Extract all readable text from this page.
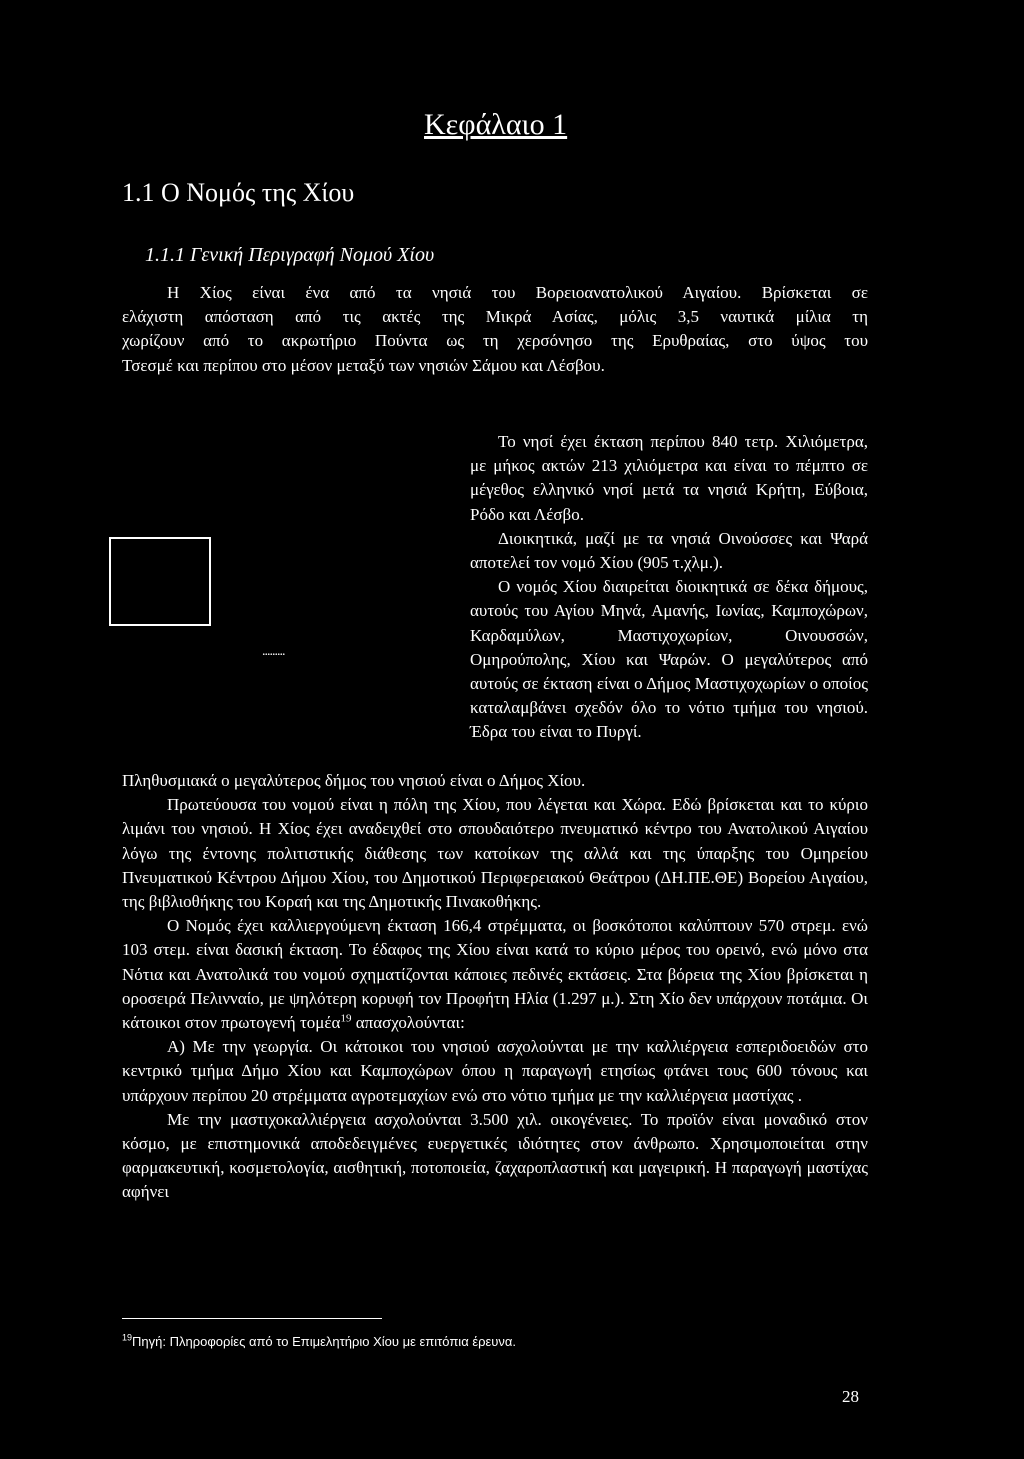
Κεφάλαιο 1
1.1 Ο Νομός της Χίου
1.1.1 Γενική Περιγραφή Νομού Χίου

Η Χίος είναι ένα από τα νησιά του Βορειοανατολικού Αιγαίου. Βρίσκεται σε

ελάχιστη απόσταση από τις ακτές της Μικρά Ασίας, μόλις 3,5 ναυτικά μίλια τη

χωρίζουν από το ακρωτήριο Πούντα ως τη χερσόνησο της Ερυθραίας, στο ύψος του

Τσεσμέ και περίπου στο μέσον μεταξύ των νησιών Σάμου και Λέσβου.

.........

Το νησί έχει έκταση περίπου 840 τετρ. Χιλιόμετρα, με μήκος ακτών 213 χιλιόμετρα και είναι το πέμπτο σε μέγεθος ελληνικό νησί μετά τα νησιά Κρήτη, Εύβοια, Ρόδο και Λέσβο.

Διοικητικά, μαζί με τα νησιά Οινούσσες και Ψαρά αποτελεί τον νομό Χίου (905 τ.χλμ.).

Ο νομός Χίου διαιρείται διοικητικά σε δέκα δήμους, αυτούς του Αγίου Μηνά, Αμανής, Ιωνίας, Καμποχώρων, Καρδαμύλων, Μαστιχοχωρίων, Οινουσσών, Ομηρούπολης, Χίου και Ψαρών. Ο μεγαλύτερος από αυτούς σε έκταση είναι ο Δήμος Μαστιχοχωρίων ο οποίος καταλαμβάνει σχεδόν όλο το νότιο τμήμα του νησιού. Έδρα του είναι το Πυργί.

Πληθυσμιακά ο μεγαλύτερος δήμος του νησιού είναι ο Δήμος Χίου.

Πρωτεύουσα του νομού είναι η πόλη της Χίου, που λέγεται και Χώρα. Εδώ βρίσκεται και το κύριο λιμάνι του νησιού. Η Χίος έχει αναδειχθεί στο σπουδαιότερο πνευματικό κέντρο του Ανατολικού Αιγαίου λόγω της έντονης πολιτιστικής διάθεσης των κατοίκων της αλλά και της ύπαρξης του Ομηρείου Πνευματικού Κέντρου Δήμου Χίου, του Δημοτικού Περιφερειακού Θεάτρου (ΔΗ.ΠΕ.ΘΕ) Βορείου Αιγαίου, της βιβλιοθήκης του Κοραή και της Δημοτικής Πινακοθήκης.

Ο Νομός έχει καλλιεργούμενη έκταση 166,4 στρέμματα, οι βοσκότοποι καλύπτουν 570 στρεμ. ενώ 103 στεμ. είναι δασική έκταση. Το έδαφος της Χίου είναι κατά το κύριο μέρος του ορεινό, ενώ μόνο στα Νότια και Ανατολικά του νομού σχηματίζονται κάποιες πεδινές εκτάσεις. Στα βόρεια της Χίου βρίσκεται η οροσειρά Πελινναίο, με ψηλότερη κορυφή τον Προφήτη Ηλία (1.297 μ.). Στη Χίο δεν υπάρχουν ποτάμια. Οι κάτοικοι στον πρωτογενή τομέα$^{19}$ απασχολούνται:

Α) Με την γεωργία. Οι κάτοικοι του νησιού ασχολούνται με την καλλιέργεια εσπεριδοειδών στο κεντρικό τμήμα Δήμο Χίου και Καμποχώρων όπου η παραγωγή ετησίως φτάνει τους 600 τόνους και υπάρχουν περίπου 20 στρέμματα αγροτεμαχίων ενώ στο νότιο τμήμα με την καλλιέργεια μαστίχας .

Με την μαστιχοκαλλιέργεια ασχολούνται 3.500 χιλ. οικογένειες. Το προϊόν είναι μοναδικό στον κόσμο, με επιστημονικά αποδεδειγμένες ευεργετικές ιδιότητες στον άνθρωπο. Χρησιμοποιείται στην φαρμακευτική, κοσμετολογία, αισθητική, ποτοποιεία, ζαχαροπλαστική και μαγειρική. Η παραγωγή μαστίχας αφήνει

$^{19}$Πηγή: Πληροφορίες από το Επιμελητήριο Χίου με επιτόπια έρευνα.
28
